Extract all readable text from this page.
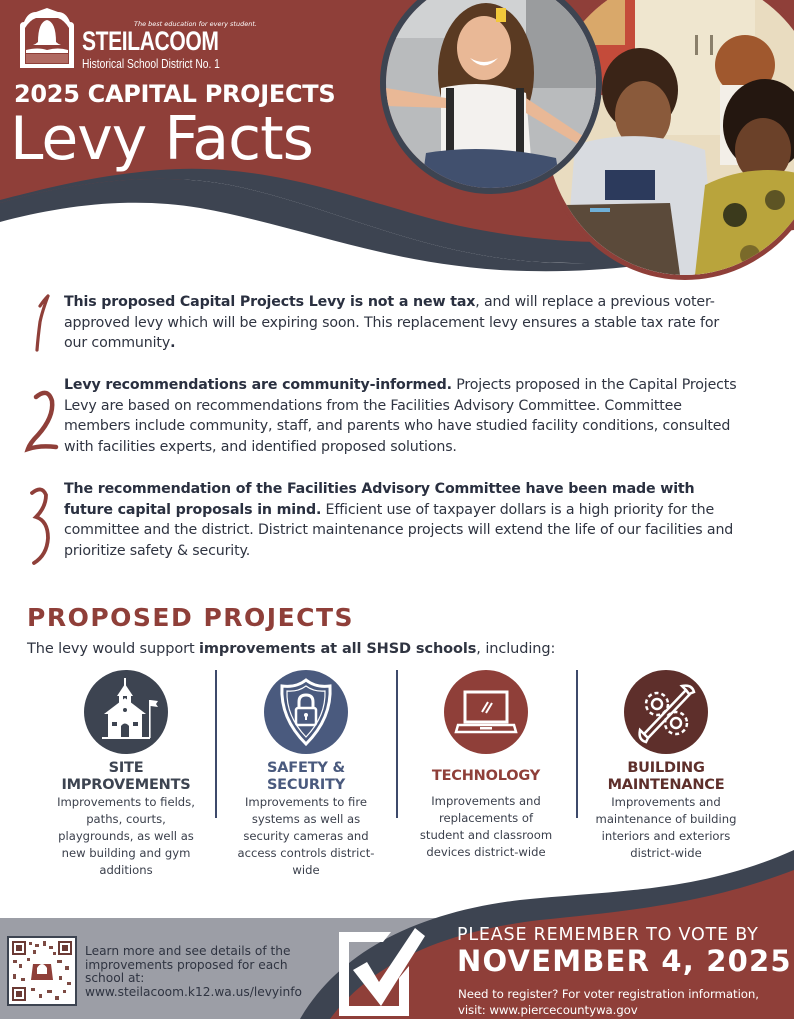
The best education for every student.
STEILACOOM
Historical School District No. 1
2025 CAPITAL PROJECTS
Levy Facts
This proposed Capital Projects Levy is not a new tax, and will replace a previous voter-approved levy which will be expiring soon. This replacement levy ensures a stable tax rate for our community.
Levy recommendations are community-informed. Projects proposed in the Capital Projects Levy are based on recommendations from the Facilities Advisory Committee. Committee members include community, staff, and parents who have studied facility conditions, consulted with facilities experts, and identified proposed solutions.
The recommendation of the Facilities Advisory Committee have been made with future capital proposals in mind. Efficient use of taxpayer dollars is a high priority for the committee and the district. District maintenance projects will extend the life of our facilities and prioritize safety & security.
PROPOSED PROJECTS
The levy would support improvements at all SHSD schools, including:
SITE
IMPROVEMENTS
Improvements to fields, paths, courts, playgrounds, as well as new building and gym additions
SAFETY &
SECURITY
Improvements to fire systems as well as security cameras and access controls district-wide
TECHNOLOGY
Improvements and replacements of student and classroom devices district-wide
BUILDING
MAINTENANCE
Improvements and maintenance of building interiors and exteriors district-wide
Learn more and see details of the improvements proposed for each school at:
www.steilacoom.k12.wa.us/levyinfo
PLEASE REMEMBER TO VOTE BY
NOVEMBER 4, 2025
Need to register? For voter registration information, visit: www.piercecountywa.gov
